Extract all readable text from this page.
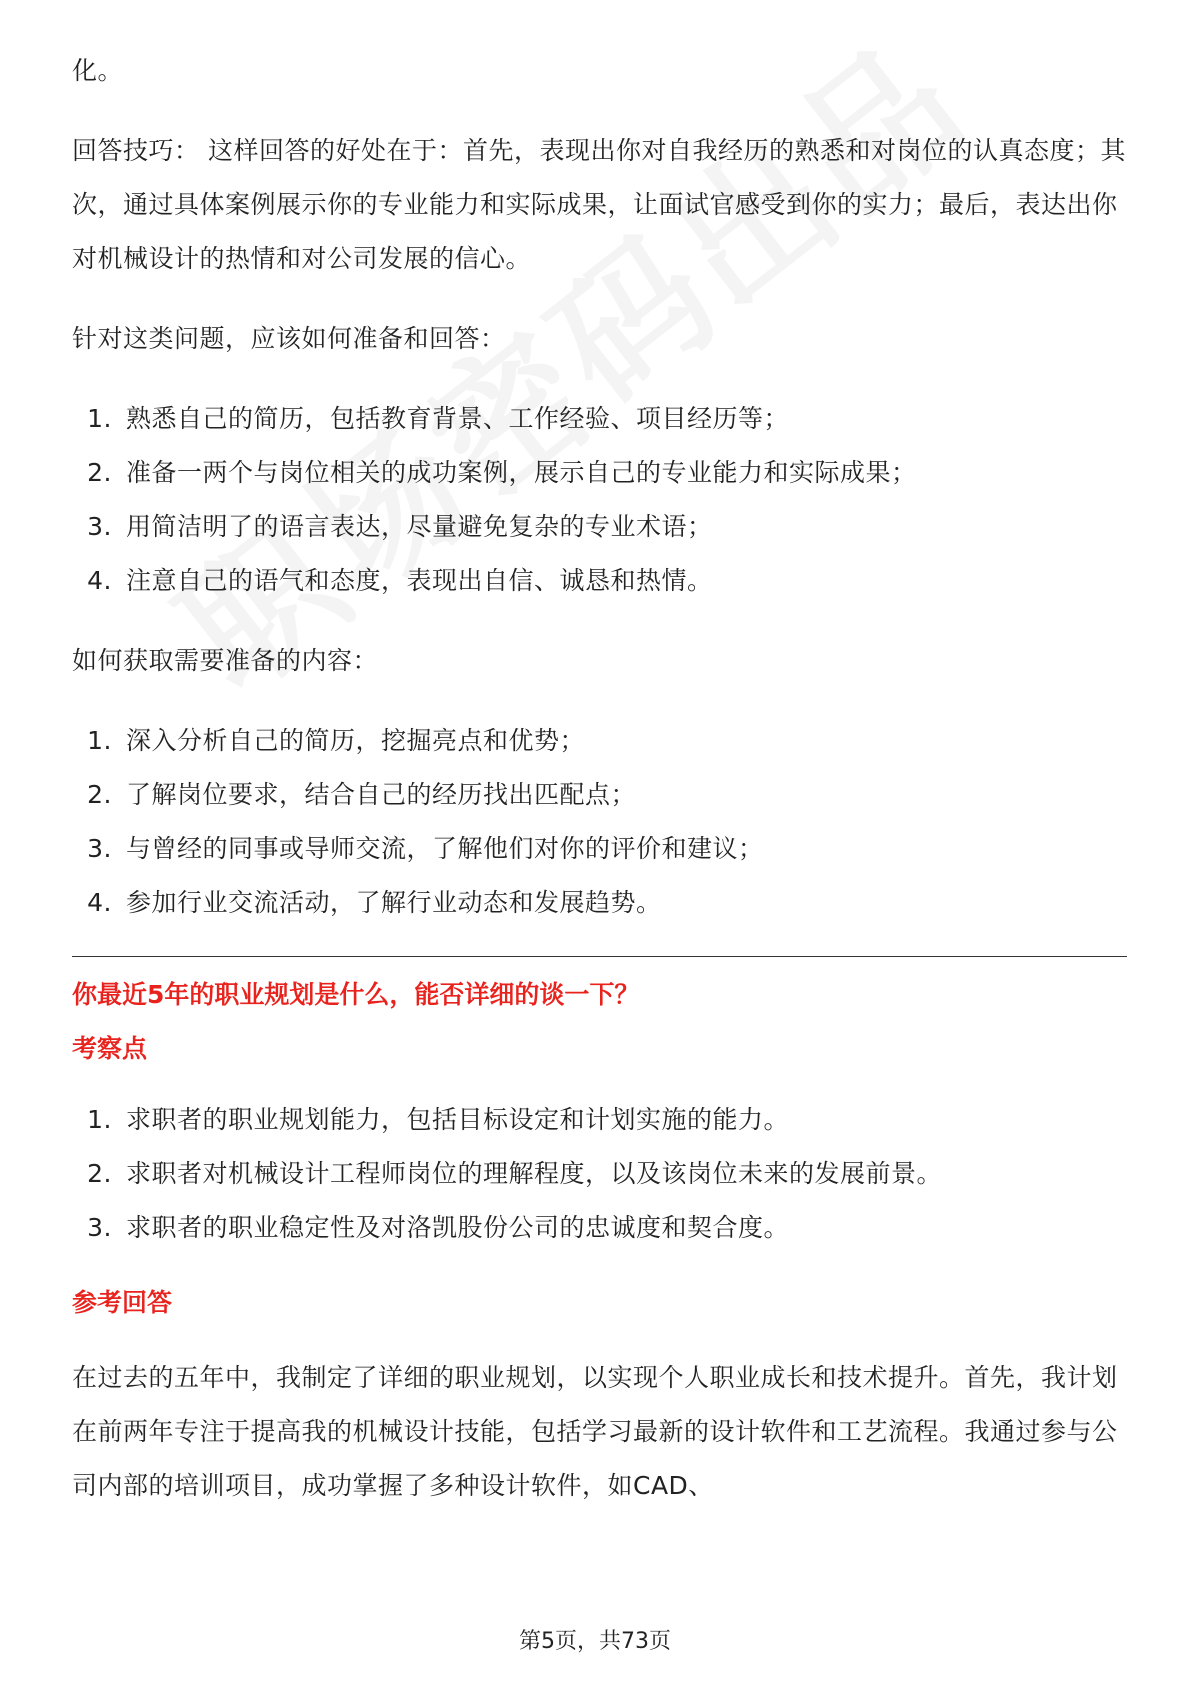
化。

回答技巧： 这样回答的好处在于：首先，表现出你对自我经历的熟悉和对岗位的认真态度；其次，通过具体案例展示你的专业能力和实际成果，让面试官感受到你的实力；最后，表达出你对机械设计的热情和对公司发展的信心。

针对这类问题，应该如何准备和回答：

1. 熟悉自己的简历，包括教育背景、工作经验、项目经历等；
2. 准备一两个与岗位相关的成功案例，展示自己的专业能力和实际成果；
3. 用简洁明了的语言表达，尽量避免复杂的专业术语；
4. 注意自己的语气和态度，表现出自信、诚恳和热情。

如何获取需要准备的内容：

1. 深入分析自己的简历，挖掘亮点和优势；
2. 了解岗位要求，结合自己的经历找出匹配点；
3. 与曾经的同事或导师交流，了解他们对你的评价和建议；
4. 参加行业交流活动，了解行业动态和发展趋势。
你最近5年的职业规划是什么，能否详细的谈一下？
考察点
1. 求职者的职业规划能力，包括目标设定和计划实施的能力。
2. 求职者对机械设计工程师岗位的理解程度，以及该岗位未来的发展前景。
3. 求职者的职业稳定性及对洛凯股份公司的忠诚度和契合度。
参考回答

在过去的五年中，我制定了详细的职业规划，以实现个人职业成长和技术提升。首先，我计划在前两年专注于提高我的机械设计技能，包括学习最新的设计软件和工艺流程。我通过参与公司内部的培训项目，成功掌握了多种设计软件，如CAD、

第5页，共73页
